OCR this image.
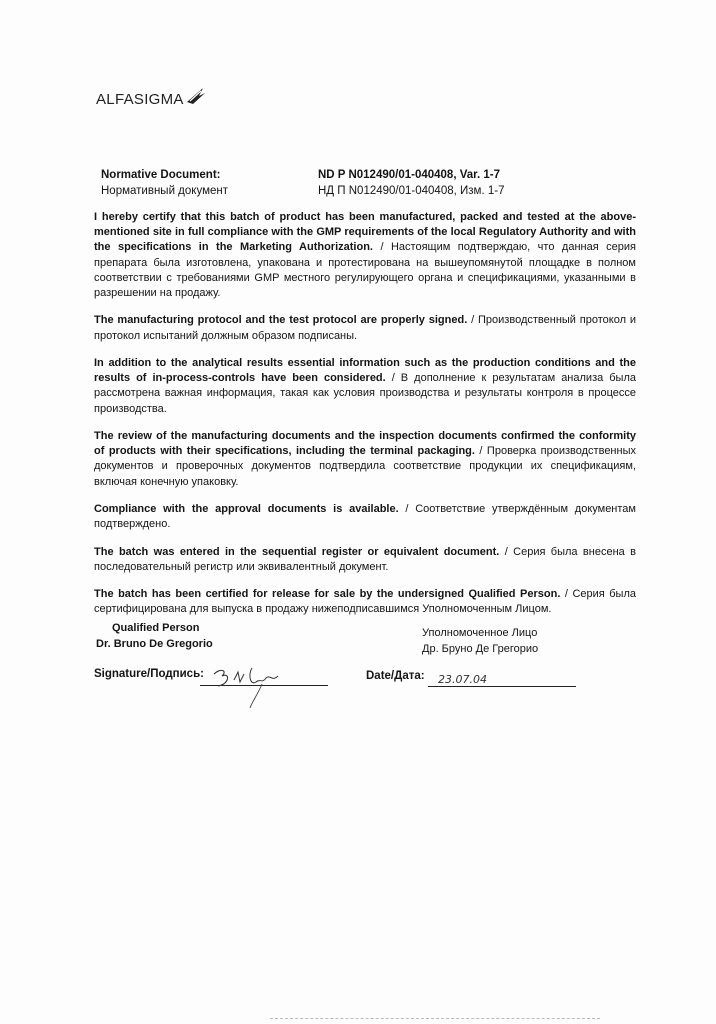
ALFASIGMA
Normative Document:
Нормативный документ
ND P N012490/01-040408, Var. 1-7
НД П N012490/01-040408, Изм. 1-7

I hereby certify that this batch of product has been manufactured, packed and tested at the above-mentioned site in full compliance with the GMP requirements of the local Regulatory Authority and with the specifications in the Marketing Authorization. / Настоящим подтверждаю, что данная серия препарата была изготовлена, упакована и протестирована на вышеупомянутой площадке в полном соответствии с требованиями GMP местного регулирующего органа и спецификациями, указанными в разрешении на продажу.

The manufacturing protocol and the test protocol are properly signed. / Производственный протокол и протокол испытаний должным образом подписаны.

In addition to the analytical results essential information such as the production conditions and the results of in-process-controls have been considered. / В дополнение к результатам анализа была рассмотрена важная информация, такая как условия производства и результаты контроля в процессе производства.

The review of the manufacturing documents and the inspection documents confirmed the conformity of products with their specifications, including the terminal packaging. / Проверка производственных документов и проверочных документов подтвердила соответствие продукции их спецификациям, включая конечную упаковку.

Compliance with the approval documents is available. / Соответствие утверждённым документам подтверждено.

The batch was entered in the sequential register or equivalent document. / Серия была внесена в последовательный регистр или эквивалентный документ.

The batch has been certified for release for sale by the undersigned Qualified Person. / Серия была сертифицирована для выпуска в продажу нижеподписавшимся Уполномоченным Лицом.

Qualified Person
Dr. Bruno De Gregorio
Уполномоченное Лицо
Др. Бруно Де Грегорио
Signature/Подпись:	Date/Дата: 23.07.04
